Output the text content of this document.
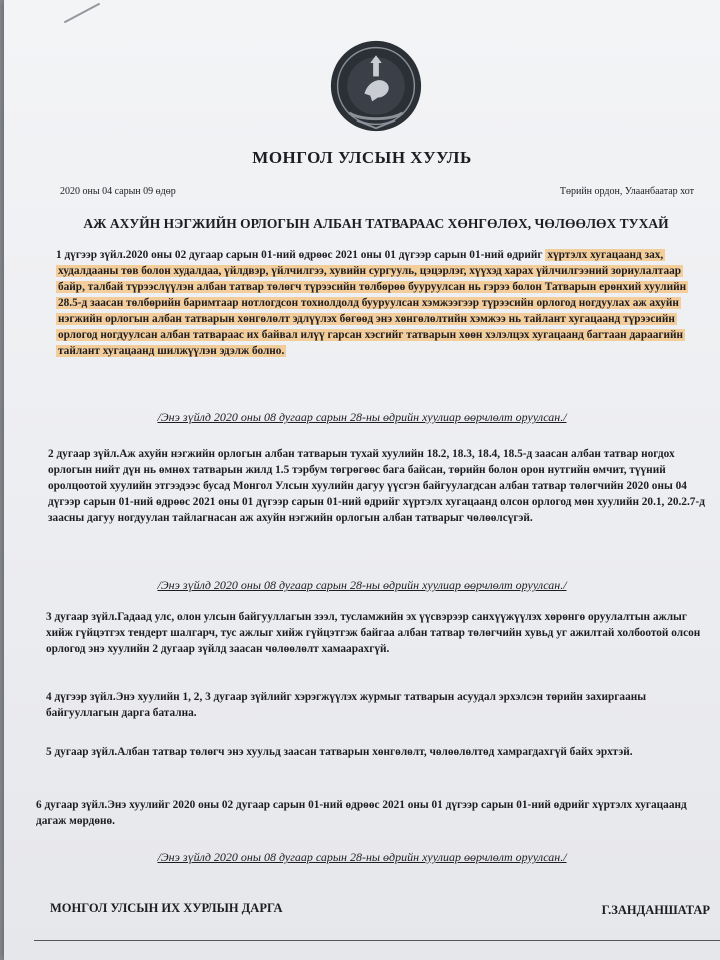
МОНГОЛ УЛСЫН ХУУЛЬ
2020 оны 04 сарын 09 өдөр	Төрийн ордон, Улаанбаатар хот
АЖ АХУЙН НЭГЖИЙН ОРЛОГЫН АЛБАН ТАТВАРААС ХӨНГӨЛӨХ, ЧӨЛӨӨЛӨХ ТУХАЙ

1 дүгээр зүйл.2020 оны 02 дугаар сарын 01-ний өдрөөс 2021 оны 01 дүгээр сарын 01-ний өдрийг хүртэлх хугацаанд зах, худалдааны төв болон худалдаа, үйлдвэр, үйлчилгээ, хувийн сургууль, цэцэрлэг, хүүхэд харах үйлчилгээний зориулалтаар байр, талбай түрээслүүлэн албан татвар төлөгч түрээсийн төлбөрөө бууруулсан нь гэрээ болон Татварын ерөнхий хуулийн 28.5-д заасан төлбөрийн баримтаар нотлогдсон тохиолдолд бууруулсан хэмжээгээр түрээсийн орлогод ногдуулах аж ахуйн нэгжийн орлогын албан татварын хөнгөлөлт эдлүүлэх бөгөөд энэ хөнгөлөлтийн хэмжээ нь тайлант хугацаанд түрээсийн орлогод ногдуулсан албан татвараас их байвал илүү гарсан хэсгийг татварын хөөн хэлэлцэх хугацаанд багтаан дараагийн тайлант хугацаанд шилжүүлэн эдэлж болно.

/Энэ зүйлд 2020 оны 08 дугаар сарын 28-ны өдрийн хуулиар өөрчлөлт оруулсан./

2 дугаар зүйл.Аж ахуйн нэгжийн орлогын албан татварын тухай хуулийн 18.2, 18.3, 18.4, 18.5-д заасан албан татвар ногдох орлогын нийт дүн нь өмнөх татварын жилд 1.5 тэрбум төгрөгөөс бага байсан, төрийн болон орон нутгийн өмчит, түүний оролцоотой хуулийн этгээдээс бусад Монгол Улсын хуулийн дагуу үүсгэн байгуулагдсан албан татвар төлөгчийн 2020 оны 04 дүгээр сарын 01-ний өдрөөс 2021 оны 01 дүгээр сарын 01-ний өдрийг хүртэлх хугацаанд олсон орлогод мөн хуулийн 20.1, 20.2.7-д заасны дагуу ногдуулан тайлагнасан аж ахуйн нэгжийн орлогын албан татварыг чөлөөлсүгэй.

/Энэ зүйлд 2020 оны 08 дугаар сарын 28-ны өдрийн хуулиар өөрчлөлт оруулсан./

3 дугаар зүйл.Гадаад улс, олон улсын байгууллагын зээл, тусламжийн эх үүсвэрээр санхүүжүүлэх хөрөнгө оруулалтын ажлыг хийж гүйцэтгэх тендерт шалгарч, тус ажлыг хийж гүйцэтгэж байгаа албан татвар төлөгчийн хувьд уг ажилтай холбоотой олсон орлогод энэ хуулийн 2 дугаар зүйлд заасан чөлөөлөлт хамаарахгүй.

4 дүгээр зүйл.Энэ хуулийн 1, 2, 3 дугаар зүйлийг хэрэгжүүлэх журмыг татварын асуудал эрхэлсэн төрийн захиргааны байгууллагын дарга батална.

5 дугаар зүйл.Албан татвар төлөгч энэ хуульд заасан татварын хөнгөлөлт, чөлөөлөлтөд хамрагдахгүй байх эрхтэй.

6 дугаар зүйл.Энэ хуулийг 2020 оны 02 дугаар сарын 01-ний өдрөөс 2021 оны 01 дүгээр сарын 01-ний өдрийг хүртэлх хугацаанд дагаж мөрдөнө.

/Энэ зүйлд 2020 оны 08 дугаар сарын 28-ны өдрийн хуулиар өөрчлөлт оруулсан./
МОНГОЛ УЛСЫН ИХ ХУРЛЫН ДАРГА	Г.ЗАНДАНШАТАР
